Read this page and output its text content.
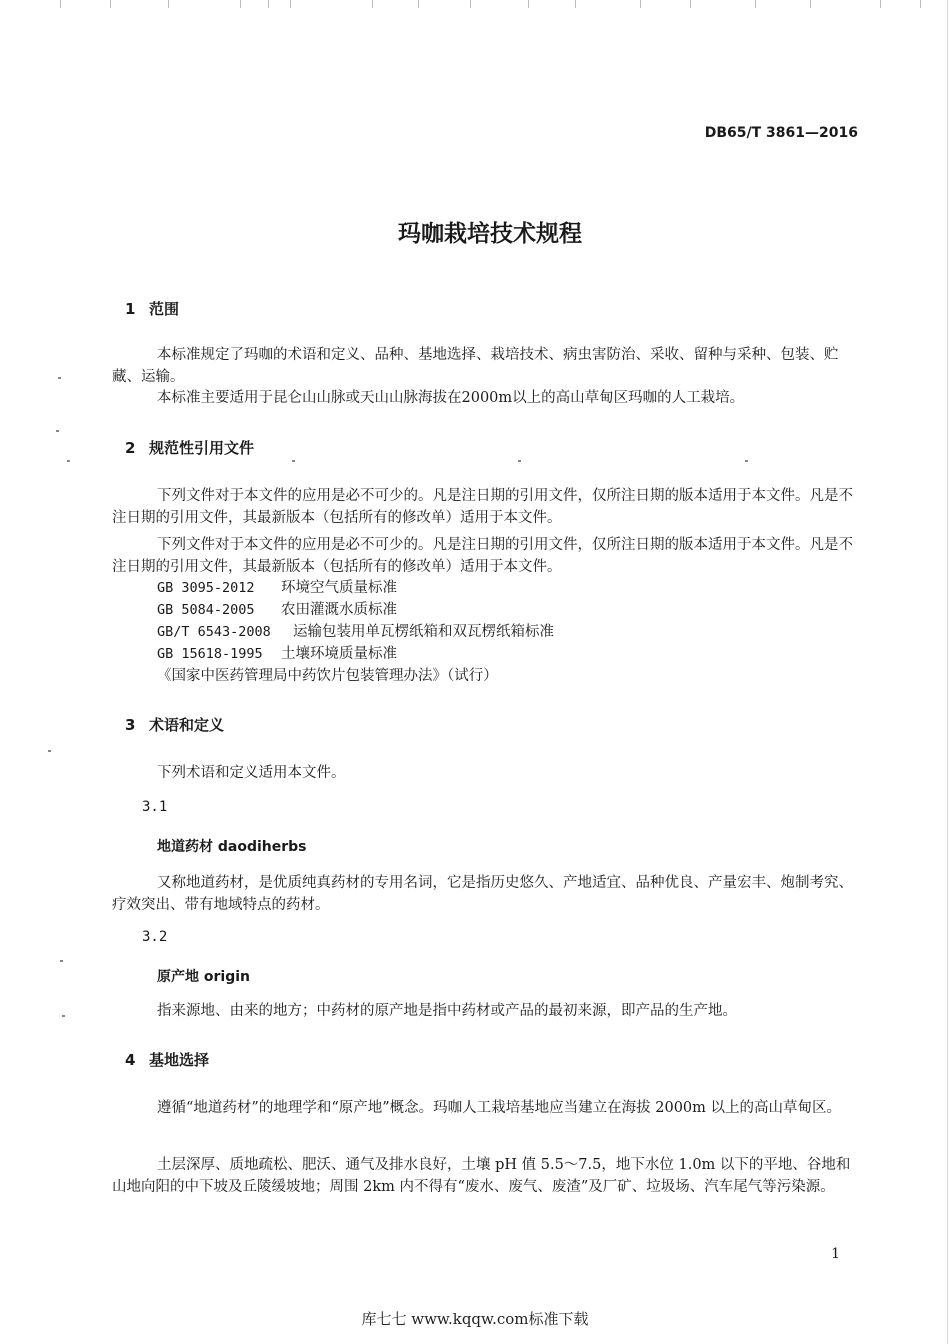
DB65/T 3861—2016
玛咖栽培技术规程
1 范围
本标准规定了玛咖的术语和定义、品种、基地选择、栽培技术、病虫害防治、采收、留种与采种、包装、贮藏、运输。
本标准主要适用于昆仑山山脉或天山山脉海拔在2000m以上的高山草甸区玛咖的人工栽培。
2 规范性引用文件
下列文件对于本文件的应用是必不可少的。凡是注日期的引用文件，仅所注日期的版本适用于本文件。凡是不注日期的引用文件，其最新版本（包括所有的修改单）适用于本文件。
下列文件对于本文件的应用是必不可少的。凡是注日期的引用文件，仅所注日期的版本适用于本文件。凡是不注日期的引用文件，其最新版本（包括所有的修改单）适用于本文件。
GB 3095-2012 环境空气质量标准
GB 5084-2005 农田灌溉水质标准
GB/T 6543-2008 运输包装用单瓦楞纸箱和双瓦楞纸箱标准
GB 15618-1995 土壤环境质量标准
《国家中医药管理局中药饮片包装管理办法》（试行）
3 术语和定义
下列术语和定义适用本文件。
3.1
地道药材 daodiherbs
又称地道药材，是优质纯真药材的专用名词，它是指历史悠久、产地适宜、品种优良、产量宏丰、炮制考究、疗效突出、带有地域特点的药材。
3.2
原产地 origin
指来源地、由来的地方；中药材的原产地是指中药材或产品的最初来源，即产品的生产地。
4 基地选择
遵循“地道药材”的地理学和“原产地”概念。玛咖人工栽培基地应当建立在海拔 2000m 以上的高山草甸区。
土层深厚、质地疏松、肥沃、通气及排水良好，土壤 pH 值 5.5～7.5，地下水位 1.0m 以下的平地、谷地和山地向阳的中下坡及丘陵缓坡地；周围 2km 内不得有“废水、废气、废渣”及厂矿、垃圾场、汽车尾气等污染源。
1
库七七 www.kqqw.com标准下载
